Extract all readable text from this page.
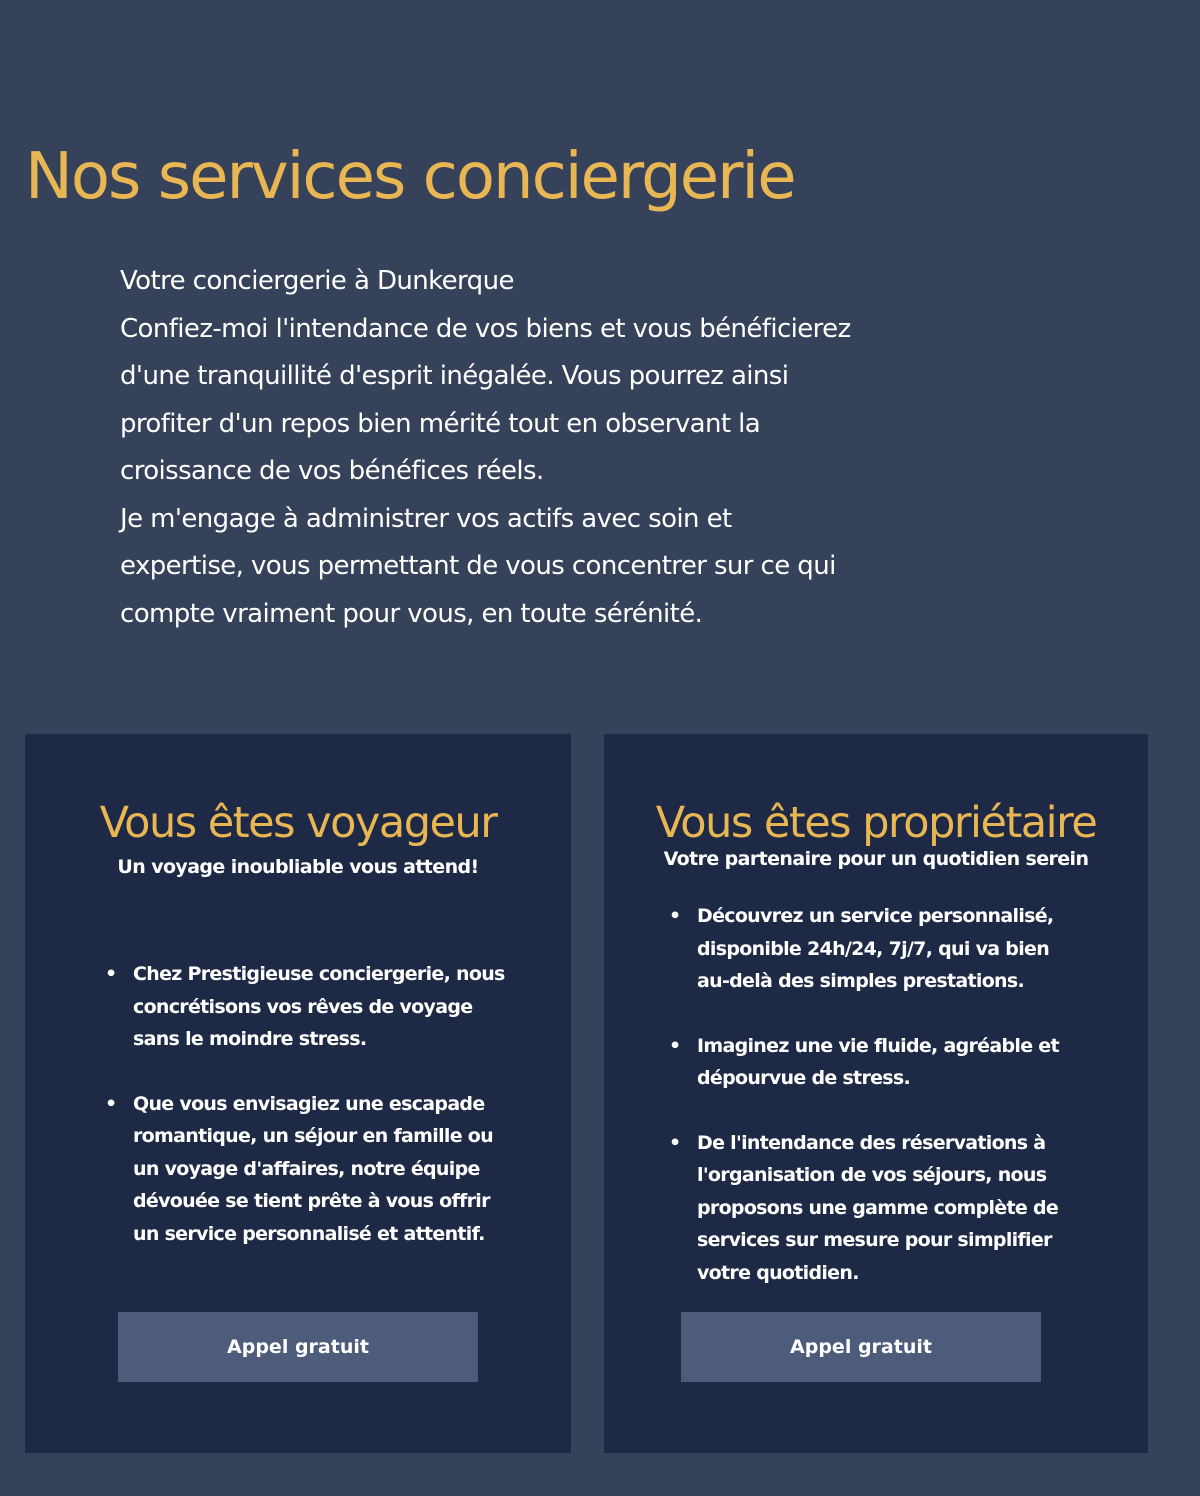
Nos services conciergerie

Votre conciergerie à Dunkerque

Confiez-moi l'intendance de vos biens et vous bénéficierez d'une tranquillité d'esprit inégalée. Vous pourrez ainsi profiter d'un repos bien mérité tout en observant la croissance de vos bénéfices réels.

Je m'engage à administrer vos actifs avec soin et expertise, vous permettant de vous concentrer sur ce qui compte vraiment pour vous, en toute sérénité.

Vous êtes voyageur
Un voyage inoubliable vous attend!
• Chez Prestigieuse conciergerie, nous concrétisons vos rêves de voyage sans le moindre stress.
• Que vous envisagiez une escapade romantique, un séjour en famille ou un voyage d'affaires, notre équipe dévouée se tient prête à vous offrir un service personnalisé et attentif.
Appel gratuit
Vous êtes propriétaire
Votre partenaire pour un quotidien serein
• Découvrez un service personnalisé, disponible 24h/24, 7j/7, qui va bien au-delà des simples prestations.
• Imaginez une vie fluide, agréable et dépourvue de stress.
• De l'intendance des réservations à l'organisation de vos séjours, nous proposons une gamme complète de services sur mesure pour simplifier votre quotidien.
Appel gratuit
